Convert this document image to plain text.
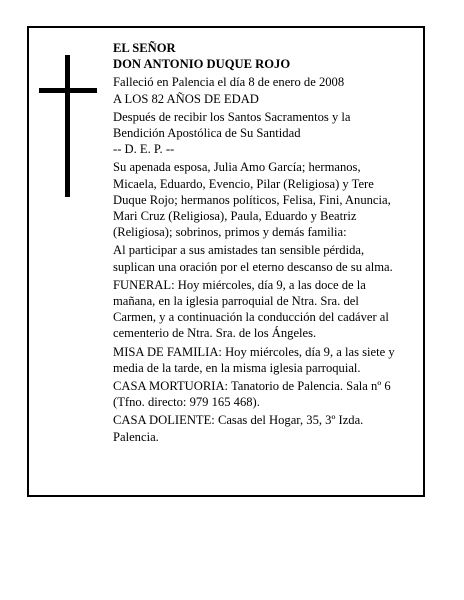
EL SEÑOR
DON ANTONIO DUQUE ROJO
Falleció en Palencia el día 8 de enero de 2008
A LOS 82 AÑOS DE EDAD
Después de recibir los Santos Sacramentos y la
Bendición Apostólica de Su Santidad
-- D. E. P. --
Su apenada esposa, Julia Amo García; hermanos,
Micaela, Eduardo, Evencio, Pilar (Religiosa) y Tere
Duque Rojo; hermanos políticos, Felisa, Fini, Anuncia,
Mari Cruz (Religiosa), Paula, Eduardo y Beatriz
(Religiosa); sobrinos, primos y demás familia:
Al participar a sus amistades tan sensible pérdida,
suplican una oración por el eterno descanso de su alma.
FUNERAL: Hoy miércoles, día 9, a las doce de la
mañana, en la iglesia parroquial de Ntra. Sra. del
Carmen, y a continuación la conducción del cadáver al
cementerio de Ntra. Sra. de los Ángeles.
MISA DE FAMILIA: Hoy miércoles, día 9, a las siete y
media de la tarde, en la misma iglesia parroquial.
CASA MORTUORIA: Tanatorio de Palencia. Sala nº 6
(Tfno. directo: 979 165 468).
CASA DOLIENTE: Casas del Hogar, 35, 3º Izda.
Palencia.
